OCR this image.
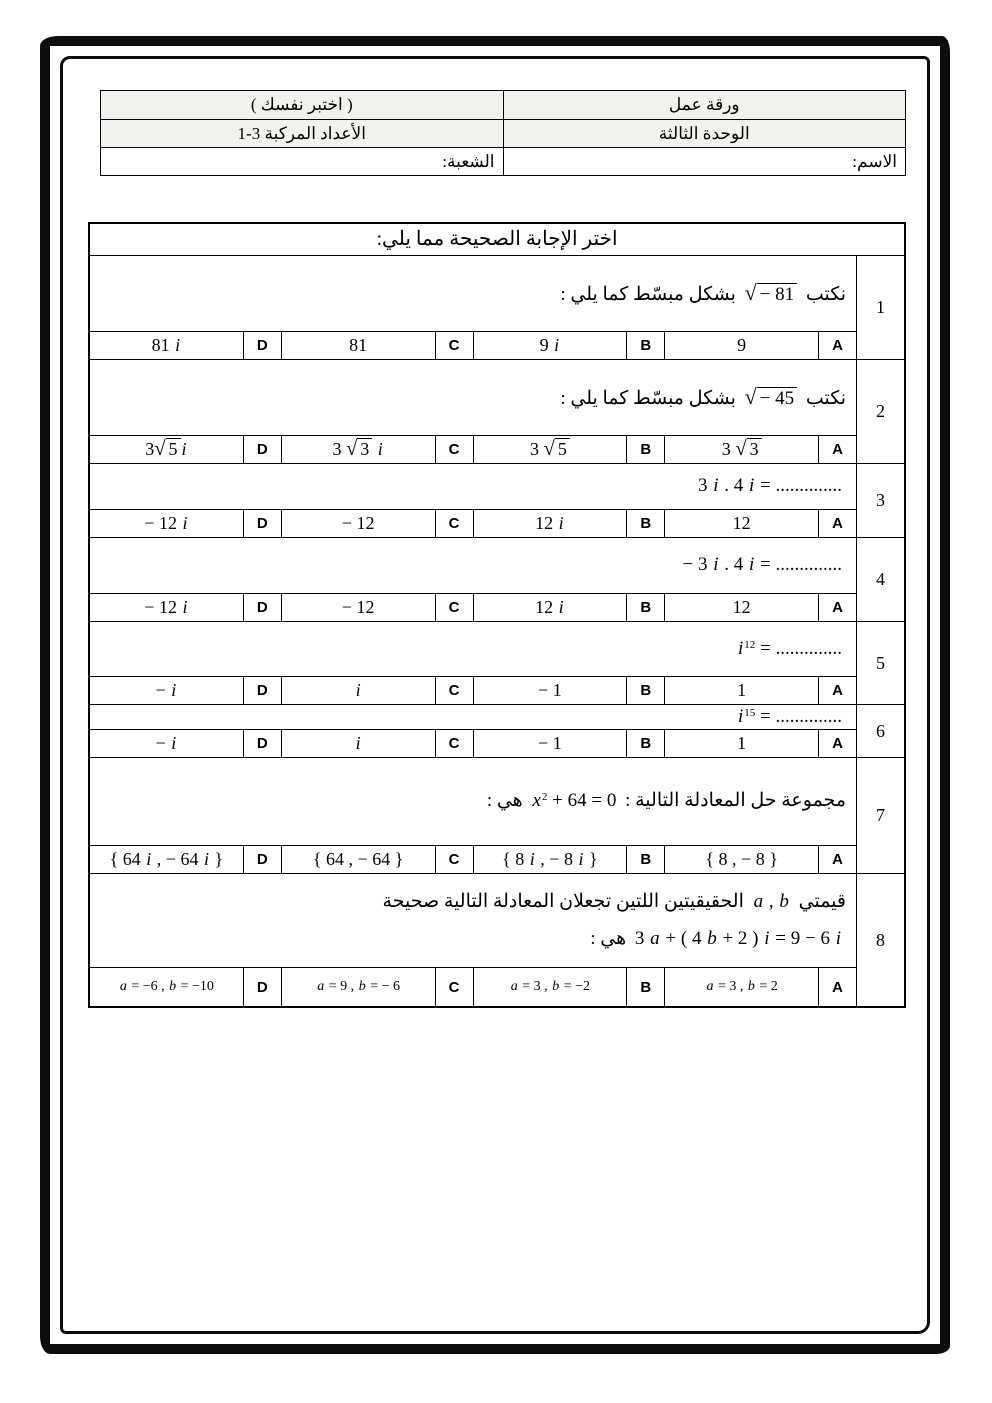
ورقة عمل
( اختبر نفسك )
الوحدة الثالثة
الأعداد المركبة 3-1
الاسم:
الشعبة:
اختر الإجابة الصحيحة مما يلي:
1
نكتب √ − 81 بشكل مبسّط كما يلي :
A
9
B
9 i
C
81
D
81 i
2
نكتب √ − 45 بشكل مبسّط كما يلي :
A
3 √ 3
B
3 √ 5
C
3 √ 3 i
D
3√ 5 i
3
3 i . 4 i = ..............
A
12
B
12 i
C
− 12
D
− 12 i
4
− 3 i . 4 i = ..............
A
12
B
12 i
C
− 12
D
− 12 i
5
$i^{12}$ = ..............
A
1
B
− 1
C
i
D
− i
6
$i^{15}$ = ..............
A
1
B
− 1
C
i
D
− i
7
مجموعة حل المعادلة التالية : $x^2 + 64 = 0$ هي :
A
{ 8 , − 8 }
B
{ 8 i , − 8 i }
C
{ 64 , − 64 }
D
{ 64 i , − 64 i }
8
قيمتي a , b الحقيقيتين اللتين تجعلان المعادلة التالية صحيحة
3 a + ( 4 b + 2 ) i = 9 − 6 i هي :
A
a = 3 , b = 2
B
a = 3 , b = −2
C
a = 9 , b = − 6
D
a = −6 , b = −10
